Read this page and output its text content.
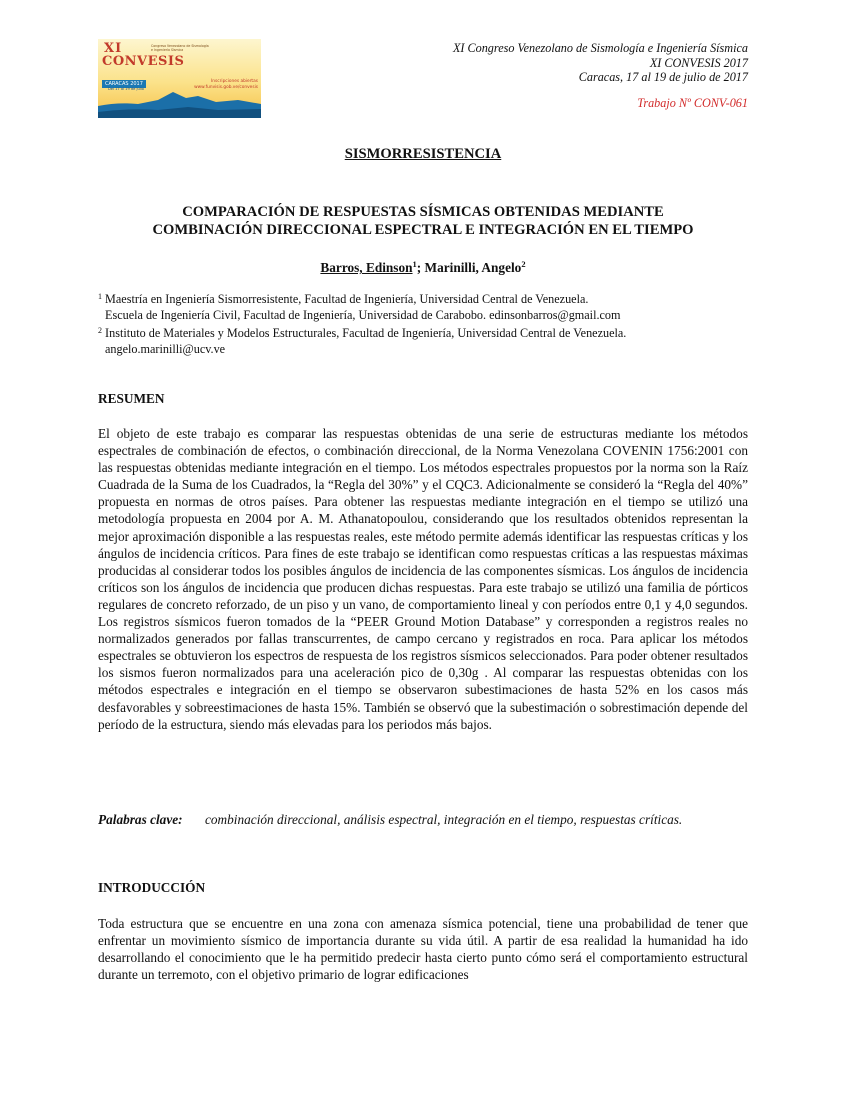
XI
CONVESIS
Congreso Venezolano de Sismología e Ingeniería Sísmica
CARACAS 2017
Del 17 al 19 de julio
Inscripciones abiertas
www.funvisis.gob.ve/convesis
XI Congreso Venezolano de Sismología e Ingeniería Sísmica
XI CONVESIS 2017
Caracas, 17 al 19 de julio de 2017
Trabajo Nº CONV-061
SISMORRESISTENCIA
COMPARACIÓN DE RESPUESTAS SÍSMICAS OBTENIDAS MEDIANTE
COMBINACIÓN DIRECCIONAL ESPECTRAL E INTEGRACIÓN EN EL TIEMPO
Barros, Edinson$^1$; Marinilli, Angelo$^2$
$^1$ Maestría en Ingeniería Sismorresistente, Facultad de Ingeniería, Universidad Central de Venezuela.
Escuela de Ingeniería Civil, Facultad de Ingeniería, Universidad de Carabobo. edinsonbarros@gmail.com
$^2$ Instituto de Materiales y Modelos Estructurales, Facultad de Ingeniería, Universidad Central de Venezuela.
angelo.marinilli@ucv.ve
RESUMEN

El objeto de este trabajo es comparar las respuestas obtenidas de una serie de estructuras mediante los métodos espectrales de combinación de efectos, o combinación direccional, de la Norma Venezolana COVENIN 1756:2001 con las respuestas obtenidas mediante integración en el tiempo. Los métodos espectrales propuestos por la norma son la Raíz Cuadrada de la Suma de los Cuadrados, la “Regla del 30%” y el CQC3. Adicionalmente se consideró la “Regla del 40%” propuesta en normas de otros países. Para obtener las respuestas mediante integración en el tiempo se utilizó una metodología propuesta en 2004 por A. M. Athanatopoulou, considerando que los resultados obtenidos representan la mejor aproximación disponible a las respuestas reales, este método permite además identificar las respuestas críticas y los ángulos de incidencia críticos. Para fines de este trabajo se identifican como respuestas críticas a las respuestas máximas producidas al considerar todos los posibles ángulos de incidencia de las componentes sísmicas. Los ángulos de incidencia críticos son los ángulos de incidencia que producen dichas respuestas. Para este trabajo se utilizó una familia de pórticos regulares de concreto reforzado, de un piso y un vano, de comportamiento lineal y con períodos entre 0,1 y 4,0 segundos. Los registros sísmicos fueron tomados de la “PEER Ground Motion Database” y corresponden a registros reales no normalizados generados por fallas transcurrentes, de campo cercano y registrados en roca. Para aplicar los métodos espectrales se obtuvieron los espectros de respuesta de los registros sísmicos seleccionados. Para poder obtener resultados los sismos fueron normalizados para una aceleración pico de 0,30g . Al comparar las respuestas obtenidas con los métodos espectrales e integración en el tiempo se observaron subestimaciones de hasta 52% en los casos más desfavorables y sobreestimaciones de hasta 15%. También se observó que la subestimación o sobrestimación depende del período de la estructura, siendo más elevadas para los periodos más bajos.

Palabras clave: combinación direccional, análisis espectral, integración en el tiempo, respuestas críticas.
INTRODUCCIÓN

Toda estructura que se encuentre en una zona con amenaza sísmica potencial, tiene una probabilidad de tener que enfrentar un movimiento sísmico de importancia durante su vida útil. A partir de esa realidad la humanidad ha ido desarrollando el conocimiento que le ha permitido predecir hasta cierto punto cómo será el comportamiento estructural durante un terremoto, con el objetivo primario de lograr edificaciones
